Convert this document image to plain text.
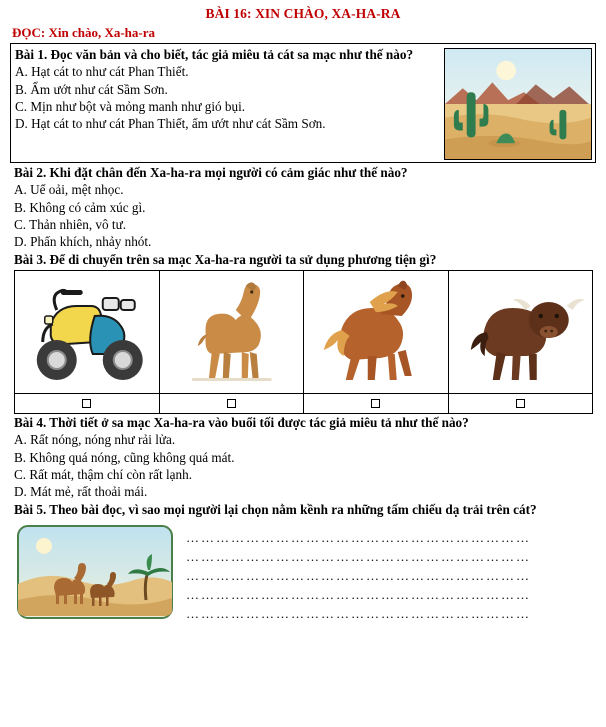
BÀI 16: XIN CHÀO, XA-HA-RA
ĐỌC: Xin chào, Xa-ha-ra
Bài 1. Đọc văn bản và cho biết, tác giả miêu tả cát sa mạc như thế nào?
A. Hạt cát to như cát Phan Thiết.
B. Ẩm ướt như cát Sầm Sơn.
C. Mịn như bột và mỏng manh như gió bụi.
D. Hạt cát to như cát Phan Thiết, ẩm ướt như cát Sầm Sơn.
Bài 2. Khi đặt chân đến Xa-ha-ra mọi người có cảm giác như thế nào?
A. Uể oải, mệt nhọc.
B. Không có cảm xúc gì.
C. Thản nhiên, vô tư.
D. Phấn khích, nhảy nhót.
Bài 3. Để di chuyển trên sa mạc Xa-ha-ra người ta sử dụng phương tiện gì?

Bài 4. Thời tiết ở sa mạc Xa-ha-ra vào buổi tối được tác giả miêu tả như thế nào?
A. Rất nóng, nóng như rải lửa.
B. Không quá nóng, cũng không quá mát.
C. Rất mát, thậm chí còn rất lạnh.
D. Mát mẻ, rất thoải mái.
Bài 5. Theo bài đọc, vì sao mọi người lại chọn nằm kềnh ra những tấm chiếu dạ trải trên cát?
……………………………………………………………
……………………………………………………………
……………………………………………………………
……………………………………………………………
……………………………………………………………
